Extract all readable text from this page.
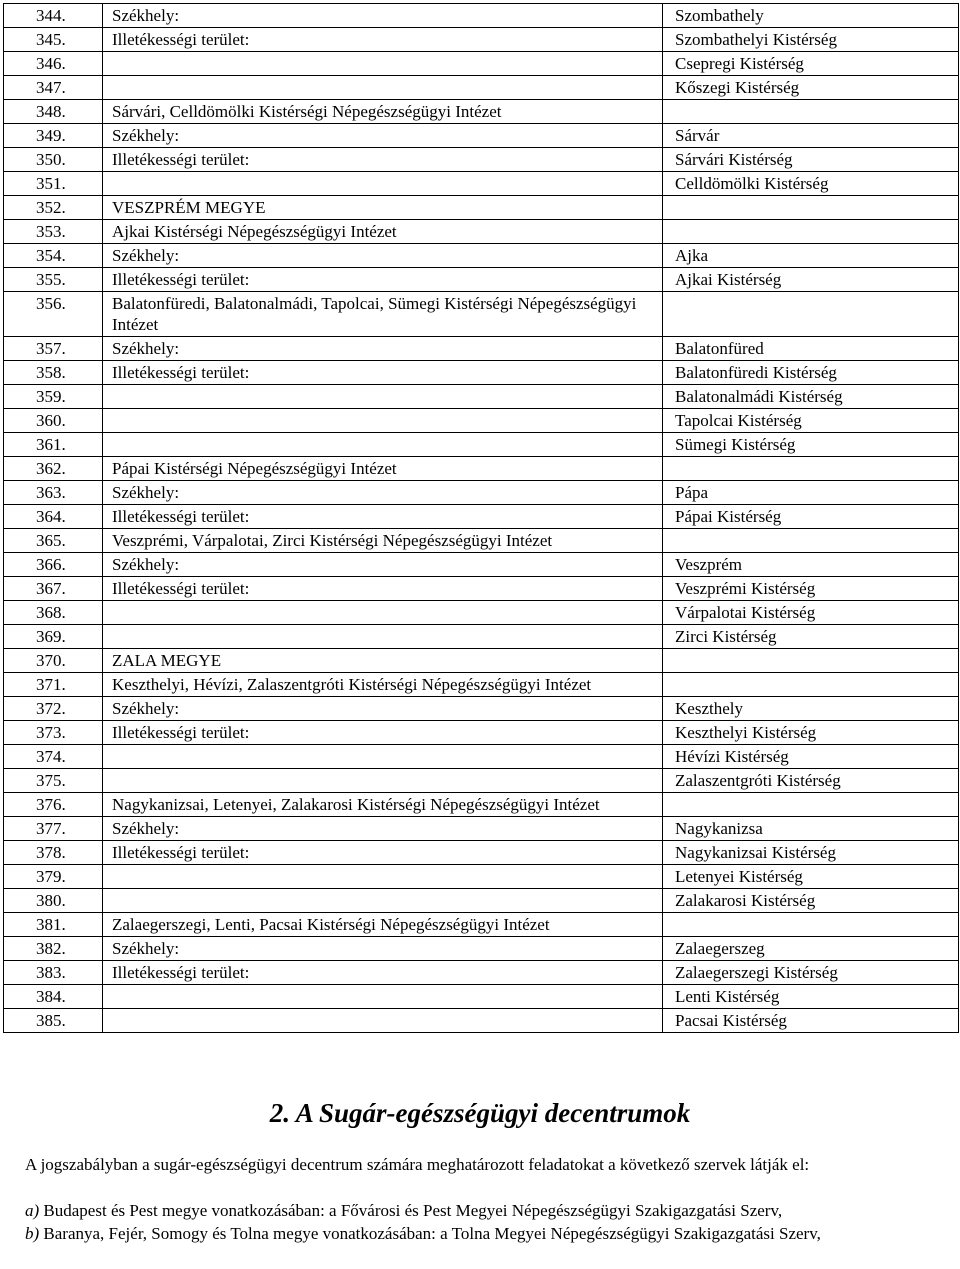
344.	Székhely:	Szombathely
345.	Illetékességi terület:	Szombathelyi Kistérség
346.		Csepregi Kistérség
347.		Kőszegi Kistérség
348.	Sárvári, Celldömölki Kistérségi Népegészségügyi Intézet	
349.	Székhely:	Sárvár
350.	Illetékességi terület:	Sárvári Kistérség
351.		Celldömölki Kistérség
352.	VESZPRÉM MEGYE	
353.	Ajkai Kistérségi Népegészségügyi Intézet	
354.	Székhely:	Ajka
355.	Illetékességi terület:	Ajkai Kistérség
356.	Balatonfüredi, Balatonalmádi, Tapolcai, Sümegi Kistérségi Népegészségügyi Intézet	
357.	Székhely:	Balatonfüred
358.	Illetékességi terület:	Balatonfüredi Kistérség
359.		Balatonalmádi Kistérség
360.		Tapolcai Kistérség
361.		Sümegi Kistérség
362.	Pápai Kistérségi Népegészségügyi Intézet	
363.	Székhely:	Pápa
364.	Illetékességi terület:	Pápai Kistérség
365.	Veszprémi, Várpalotai, Zirci Kistérségi Népegészségügyi Intézet	
366.	Székhely:	Veszprém
367.	Illetékességi terület:	Veszprémi Kistérség
368.		Várpalotai Kistérség
369.		Zirci Kistérség
370.	ZALA MEGYE	
371.	Keszthelyi, Hévízi, Zalaszentgróti Kistérségi Népegészségügyi Intézet	
372.	Székhely:	Keszthely
373.	Illetékességi terület:	Keszthelyi Kistérség
374.		Hévízi Kistérség
375.		Zalaszentgróti Kistérség
376.	Nagykanizsai, Letenyei, Zalakarosi Kistérségi Népegészségügyi Intézet	
377.	Székhely:	Nagykanizsa
378.	Illetékességi terület:	Nagykanizsai Kistérség
379.		Letenyei Kistérség
380.		Zalakarosi Kistérség
381.	Zalaegerszegi, Lenti, Pacsai Kistérségi Népegészségügyi Intézet	
382.	Székhely:	Zalaegerszeg
383.	Illetékességi terület:	Zalaegerszegi Kistérség
384.		Lenti Kistérség
385.		Pacsai Kistérség
2. A Sugár-egészségügyi decentrumok
A jogszabályban a sugár-egészségügyi decentrum számára meghatározott feladatokat a következő szervek látják el:
a) Budapest és Pest megye vonatkozásában: a Fővárosi és Pest Megyei Népegészségügyi Szakigazgatási Szerv,
b) Baranya, Fejér, Somogy és Tolna megye vonatkozásában: a Tolna Megyei Népegészségügyi Szakigazgatási Szerv,
